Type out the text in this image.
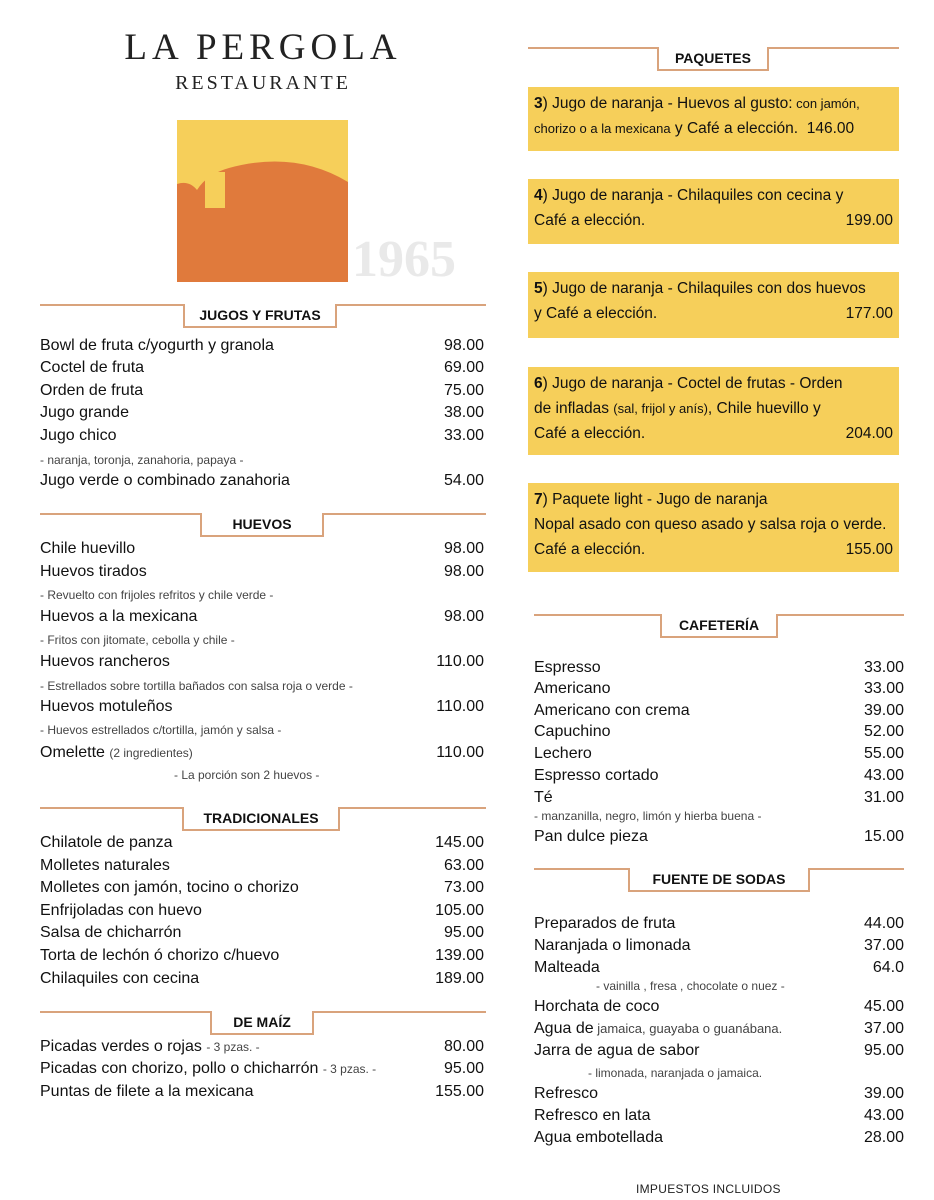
LA PERGOLA
RESTAURANTE
1965
JUGOS Y FRUTAS
Bowl de fruta c/yogurth y granola	98.00
Coctel de fruta	69.00
Orden de fruta	75.00
Jugo grande	38.00
Jugo chico	33.00
- naranja, toronja, zanahoria, papaya -
Jugo verde o combinado zanahoria	54.00
HUEVOS
Chile huevillo	98.00
Huevos tirados	98.00
- Revuelto con frijoles refritos y chile verde -
Huevos a la mexicana	98.00
- Fritos con jitomate, cebolla y chile -
Huevos rancheros	110.00
- Estrellados sobre tortilla bañados con salsa roja o verde -
Huevos motuleños	110.00
- Huevos estrellados c/tortilla, jamón y salsa -
Omelette (2 ingredientes)	110.00
- La porción son 2 huevos -
TRADICIONALES
Chilatole de panza	145.00
Molletes naturales	63.00
Molletes con jamón, tocino o chorizo	73.00
Enfrijoladas con huevo	105.00
Salsa de chicharrón	95.00
Torta de lechón ó chorizo c/huevo	139.00
Chilaquiles con cecina	189.00
DE MAÍZ
Picadas verdes o rojas - 3 pzas. -	80.00
Picadas con chorizo, pollo o chicharrón - 3 pzas. -	95.00
Puntas de filete a la mexicana	155.00
PAQUETES
3) Jugo de naranja - Huevos al gusto: con jamón,
chorizo o a la mexicana y Café a elección. 146.00
4) Jugo de naranja - Chilaquiles con cecina y
Café a elección.	199.00
5) Jugo de naranja - Chilaquiles con dos huevos
y Café a elección.	177.00
6) Jugo de naranja - Coctel de frutas - Orden
de infladas (sal, frijol y anís), Chile huevillo y
Café a elección.	204.00
7) Paquete light - Jugo de naranja
Nopal asado con queso asado y salsa roja o verde.
Café a elección.	155.00
CAFETERÍA
Espresso	33.00
Americano	33.00
Americano con crema	39.00
Capuchino	52.00
Lechero	55.00
Espresso cortado	43.00
Té	31.00
- manzanilla, negro, limón y hierba buena -
Pan dulce pieza	15.00
FUENTE DE SODAS
Preparados de fruta	44.00
Naranjada o limonada	37.00
Malteada	64.0
- vainilla , fresa , chocolate o nuez -
Horchata de coco	45.00
Agua de jamaica, guayaba o guanábana.	37.00
Jarra de agua de sabor	95.00
- limonada, naranjada o jamaica.
Refresco	39.00
Refresco en lata	43.00
Agua embotellada	28.00
IMPUESTOS INCLUIDOS
